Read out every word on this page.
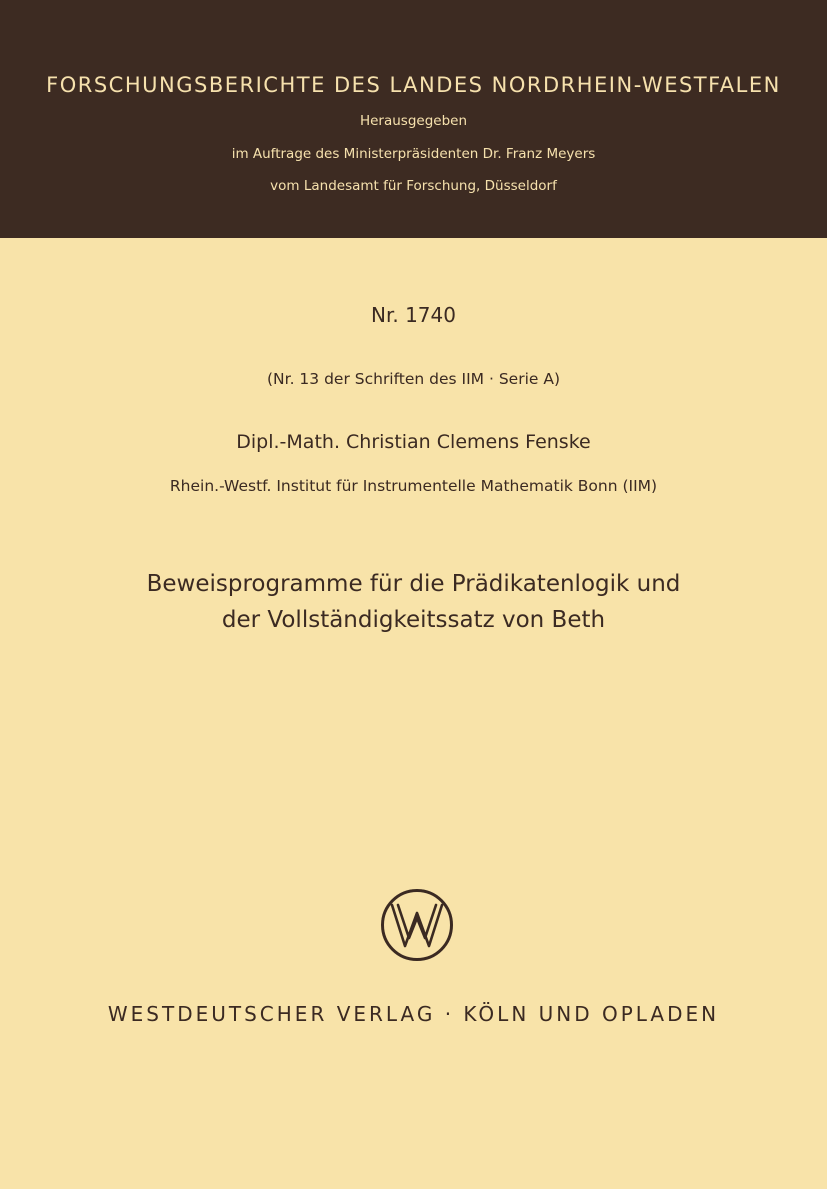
FORSCHUNGSBERICHTE DES LANDES NORDRHEIN-WESTFALEN
Herausgegeben
im Auftrage des Ministerpräsidenten Dr. Franz Meyers
vom Landesamt für Forschung, Düsseldorf
Nr. 1740
(Nr. 13 der Schriften des IIM · Serie A)
Dipl.-Math. Christian Clemens Fenske
Rhein.-Westf. Institut für Instrumentelle Mathematik Bonn (IIM)
Beweisprogramme für die Prädikatenlogik und
der Vollständigkeitssatz von Beth
WESTDEUTSCHER VERLAG · KÖLN UND OPLADEN
